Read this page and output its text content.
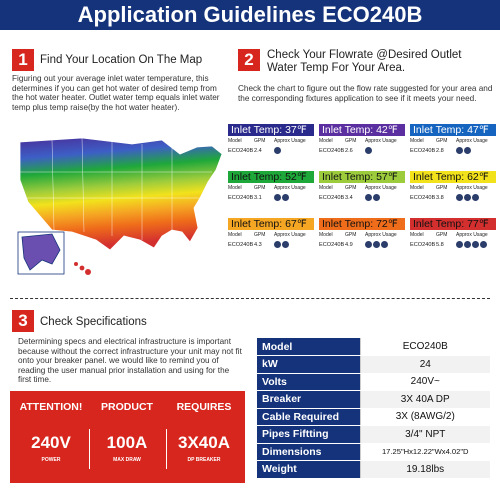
Application Guidelines ECO240B
1	Find Your Location On The Map
Figuring out your average inlet water temperature, this determines if you can get hot water of desired temp from the hot water heater. Outlet water temp equals inlet water temp plus temp raise(by the hot water heater).
2	Check Your Flowrate @Desired Outlet
Water Temp For Your Area.
Check the chart to figure out the flow rate suggested for your area and the corresponding fixtures application to see if it meets your need.
Inlet Temp: 37℉
Model	GPM	Approx Usage
ECO240B 2.4
Inlet Temp: 42℉
Model	GPM	Approx Usage
ECO240B 2.6
Inlet Temp: 47℉
Model	GPM	Approx Usage
ECO240B 2.8
Inlet Temp: 52℉
Model	GPM	Approx Usage
ECO240B 3.1
Inlet Temp: 57℉
Model	GPM	Approx Usage
ECO240B 3.4
Inlet Temp: 62℉
Model	GPM	Approx Usage
ECO240B 3.8
Inlet Temp: 67℉
Model	GPM	Approx Usage
ECO240B 4.3
Inlet Temp: 72℉
Model	GPM	Approx Usage
ECO240B 4.9
Inlet Temp: 77℉
Model	GPM	Approx Usage
ECO240B 5.8
3	Check Specifications
Determining specs and electrical infrastructure is important because without the correct infrastructure your unit may not fit onto your breaker panel. we would like to remind you of reading the user manual prior installation and using for the first time.
ATTENTION!	PRODUCT	REQUIRES
240V	100A	3X40A
POWER	MAX DRAW	DP BREAKER
Model	ECO240B
kW	24
Volts	240V~
Breaker	3X 40A DP
Cable Required	3X (8AWG/2)
Pipes Fiftting	3/4" NPT
Dimensions	17.25"Hx12.22"Wx4.02"D
Weight	19.18lbs
